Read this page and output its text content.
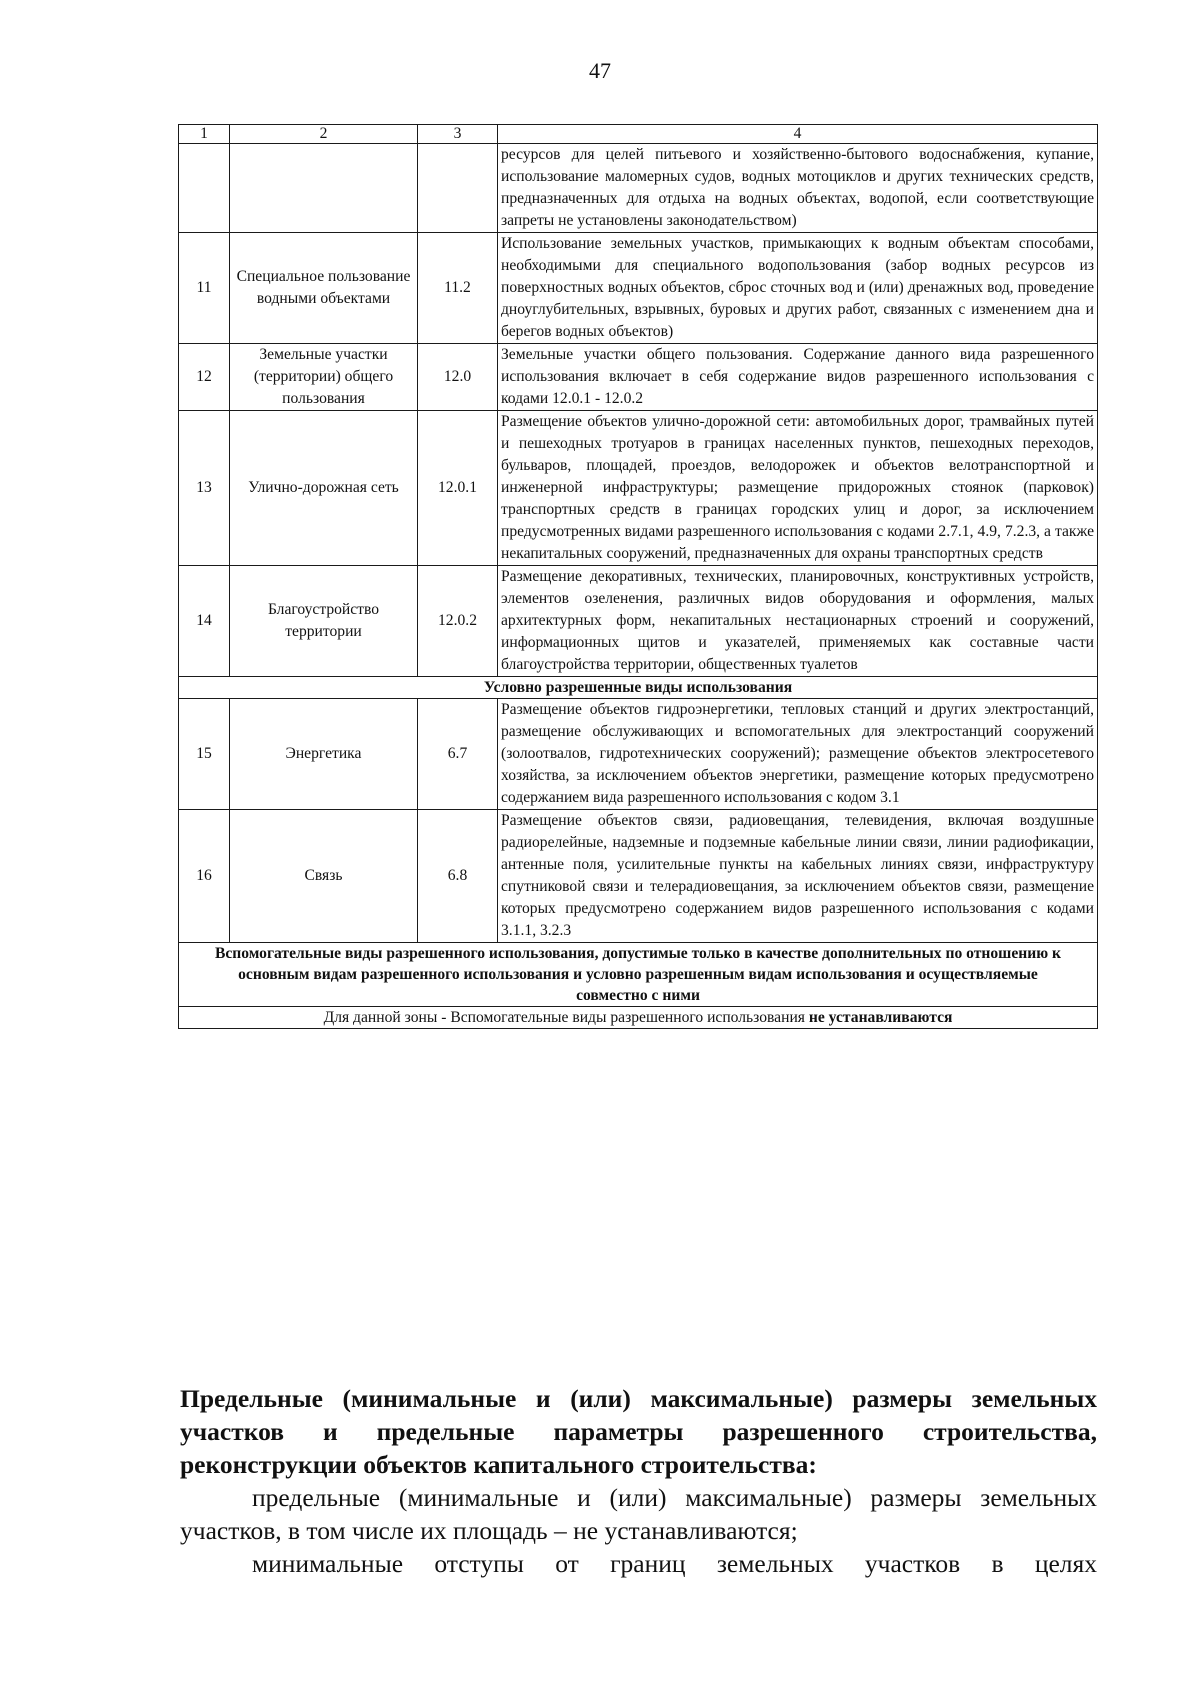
47
1	2	3	4
			ресурсов для целей питьевого и хозяйственно-бытового водоснабжения, купание, использование маломерных судов, водных мотоциклов и других технических средств, предназначенных для отдыха на водных объектах, водопой, если соответствующие запреты не установлены законодательством)
11	Специальное пользование водными объектами	11.2	Использование земельных участков, примыкающих к водным объектам способами, необходимыми для специального водопользования (забор водных ресурсов из поверхностных водных объектов, сброс сточных вод и (или) дренажных вод, проведение дноуглубительных, взрывных, буровых и других работ, связанных с изменением дна и берегов водных объектов)
12	Земельные участки (территории) общего пользования	12.0	Земельные участки общего пользования. Содержание данного вида разрешенного использования включает в себя содержание видов разрешенного использования с кодами 12.0.1 - 12.0.2
13	Улично-дорожная сеть	12.0.1	Размещение объектов улично-дорожной сети: автомобильных дорог, трамвайных путей и пешеходных тротуаров в границах населенных пунктов, пешеходных переходов, бульваров, площадей, проездов, велодорожек и объектов велотранспортной и инженерной инфраструктуры; размещение придорожных стоянок (парковок) транспортных средств в границах городских улиц и дорог, за исключением предусмотренных видами разрешенного использования с кодами 2.7.1, 4.9, 7.2.3, а также некапитальных сооружений, предназначенных для охраны транспортных средств
14	Благоустройство территории	12.0.2	Размещение декоративных, технических, планировочных, конструктивных устройств, элементов озеленения, различных видов оборудования и оформления, малых архитектурных форм, некапитальных нестационарных строений и сооружений, информационных щитов и указателей, применяемых как составные части благоустройства территории, общественных туалетов
Условно разрешенные виды использования			
15	Энергетика	6.7	Размещение объектов гидроэнергетики, тепловых станций и других электростанций, размещение обслуживающих и вспомогательных для электростанций сооружений (золоотвалов, гидротехнических сооружений); размещение объектов электросетевого хозяйства, за исключением объектов энергетики, размещение которых предусмотрено содержанием вида разрешенного использования с кодом 3.1
16	Связь	6.8	Размещение объектов связи, радиовещания, телевидения, включая воздушные радиорелейные, надземные и подземные кабельные линии связи, линии радиофикации, антенные поля, усилительные пункты на кабельных линиях связи, инфраструктуру спутниковой связи и телерадиовещания, за исключением объектов связи, размещение которых предусмотрено содержанием видов разрешенного использования с кодами 3.1.1, 3.2.3
Вспомогательные виды разрешенного использования, допустимые только в качестве дополнительных по отношению к основным видам разрешенного использования и условно разрешенным видам использования и осуществляемые совместно с ними			
Для данной зоны - Вспомогательные виды разрешенного использования не устанавливаются			
Предельные (минимальные и (или) максимальные) размеры земельных участков и предельные параметры разрешенного строительства, реконструкции объектов капитального строительства:
предельные (минимальные и (или) максимальные) размеры земельных участков, в том числе их площадь – не устанавливаются;
минимальные отступы от границ земельных участков в целях
